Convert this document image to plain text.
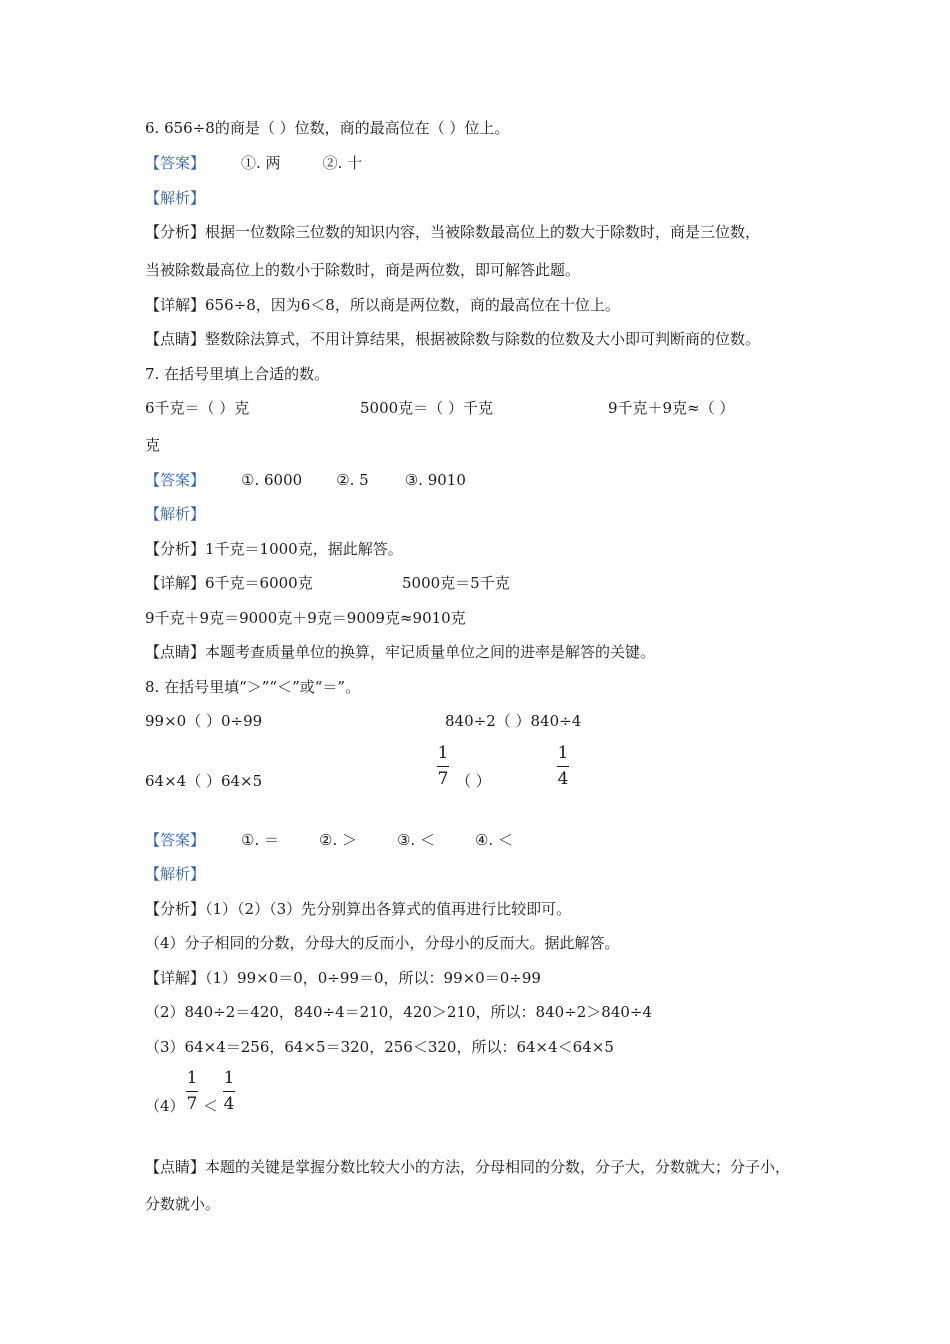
6. 656÷8的商是（ ）位数，商的最高位在（ ）位上。
【答案】 ①. 两	②. 十
【解析】
【分析】根据一位数除三位数的知识内容，当被除数最高位上的数大于除数时，商是三位数，
当被除数最高位上的数小于除数时，商是两位数，即可解答此题。
【详解】656÷8，因为6＜8，所以商是两位数，商的最高位在十位上。
【点睛】整数除法算式，不用计算结果，根据被除数与除数的位数及大小即可判断商的位数。
7. 在括号里填上合适的数。
6千克＝（ ）克	5000克＝（ ）千克	9千克＋9克≈（ ）
克
【答案】 ①. 6000 ②. 5 ③. 9010
【解析】
【分析】1千克＝1000克，据此解答。
【详解】6千克＝6000克	5000克＝5千克
9千克＋9克＝9000克＋9克＝9009克≈9010克
【点睛】本题考查质量单位的换算，牢记质量单位之间的进率是解答的关键。
8. 在括号里填“＞”“＜”或“＝”。
99×0（ ）0÷99	840÷2（ ）840÷4
64×4（ ）64×5
1
7 （ ）
1
4
【答案】 ①. ＝	②. ＞	③. ＜	④. ＜
【解析】
【分析】（1）（2）（3）先分别算出各算式的值再进行比较即可。
（4）分子相同的分数，分母大的反而小，分母小的反而大。据此解答。
【详解】（1）99×0＝0，0÷99＝0，所以：99×0＝0÷99
（2）840÷2＝420，840÷4＝210，420＞210，所以：840÷2＞840÷4
（3）64×4＝256，64×5＝320，256＜320，所以：64×4＜64×5
（4）
1
7 ＜
1
4
【点睛】本题的关键是掌握分数比较大小的方法，分母相同的分数，分子大，分数就大；分子小，
分数就小。
